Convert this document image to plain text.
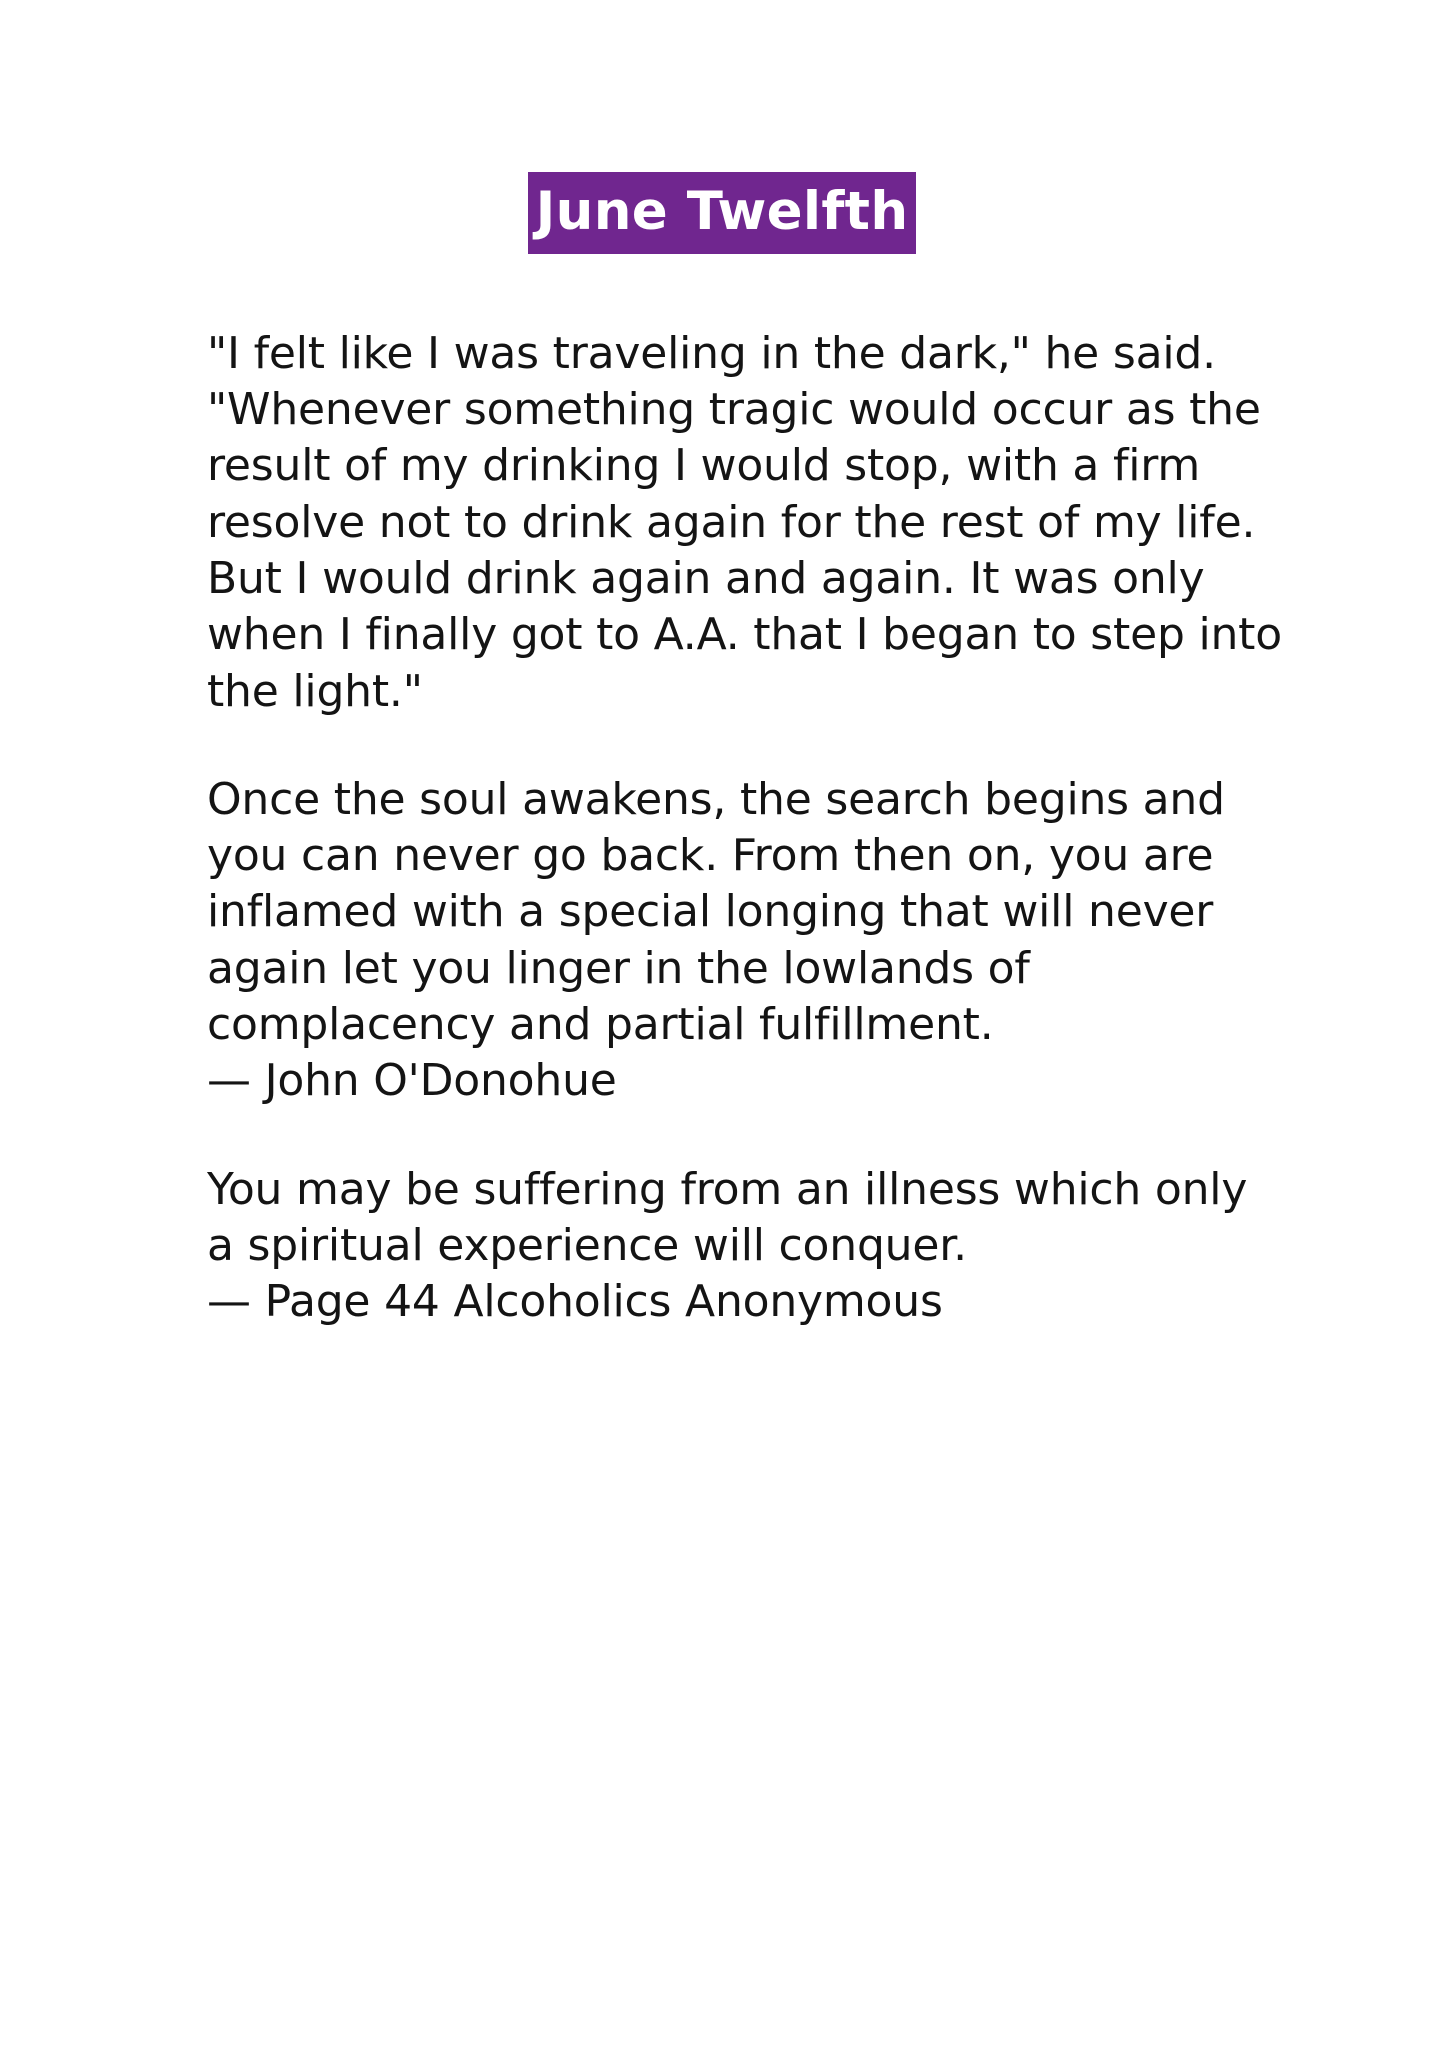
June Twelfth

"I felt like I was traveling in the dark," he said. "Whenever something tragic would occur as the result of my drinking I would stop, with a firm resolve not to drink again for the rest of my life. But I would drink again and again. It was only when I finally got to A.A. that I began to step into the light."

Once the soul awakens, the search begins and you can never go back. From then on, you are inflamed with a special longing that will never again let you linger in the lowlands of complacency and partial fulfillment.

— John O'Donohue

You may be suffering from an illness which only a spiritual experience will conquer.

— Page 44 Alcoholics Anonymous
